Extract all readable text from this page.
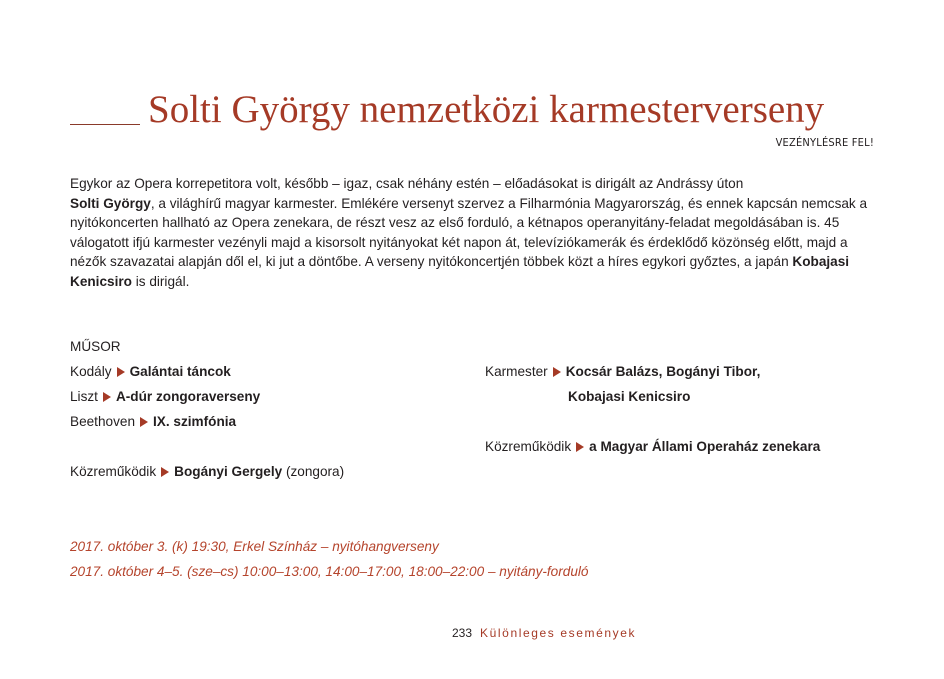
Solti György nemzetközi karmesterverseny
VEZÉNYLÉSRE FEL!

Egykor az Opera korrepetitora volt, később – igaz, csak néhány estén – előadásokat is dirigált az Andrássy úton
Solti György, a világhírű magyar karmester. Emlékére versenyt szervez a Filharmónia Magyarország, és ennek kapcsán nemcsak a nyitókoncerten hallható az Opera zenekara, de részt vesz az első forduló, a kétnapos operanyitány-feladat megoldásában is. 45 válogatott ifjú karmester vezényli majd a kisorsolt nyitányokat két napon át, televíziókamerák és érdeklődő közönség előtt, majd a nézők szavazatai alapján dől el, ki jut a döntőbe. A verseny nyitókoncertjén többek közt a híres egykori győztes, a japán Kobajasi Kenicsiro is dirigál.

MŰSOR
Kodály Galántai táncok
Liszt A-dúr zongoraverseny
Beethoven IX. szimfónia
Közreműködik Bogányi Gergely (zongora)
Karmester Kocsár Balázs, Bogányi Tibor,
Kobajasi Kenicsiro
Közreműködik a Magyar Állami Operaház zenekara
2017. október 3. (k) 19:30, Erkel Színház – nyitóhangverseny
2017. október 4–5. (sze–cs) 10:00–13:00, 14:00–17:00, 18:00–22:00 – nyitány-forduló
233 Különleges események
